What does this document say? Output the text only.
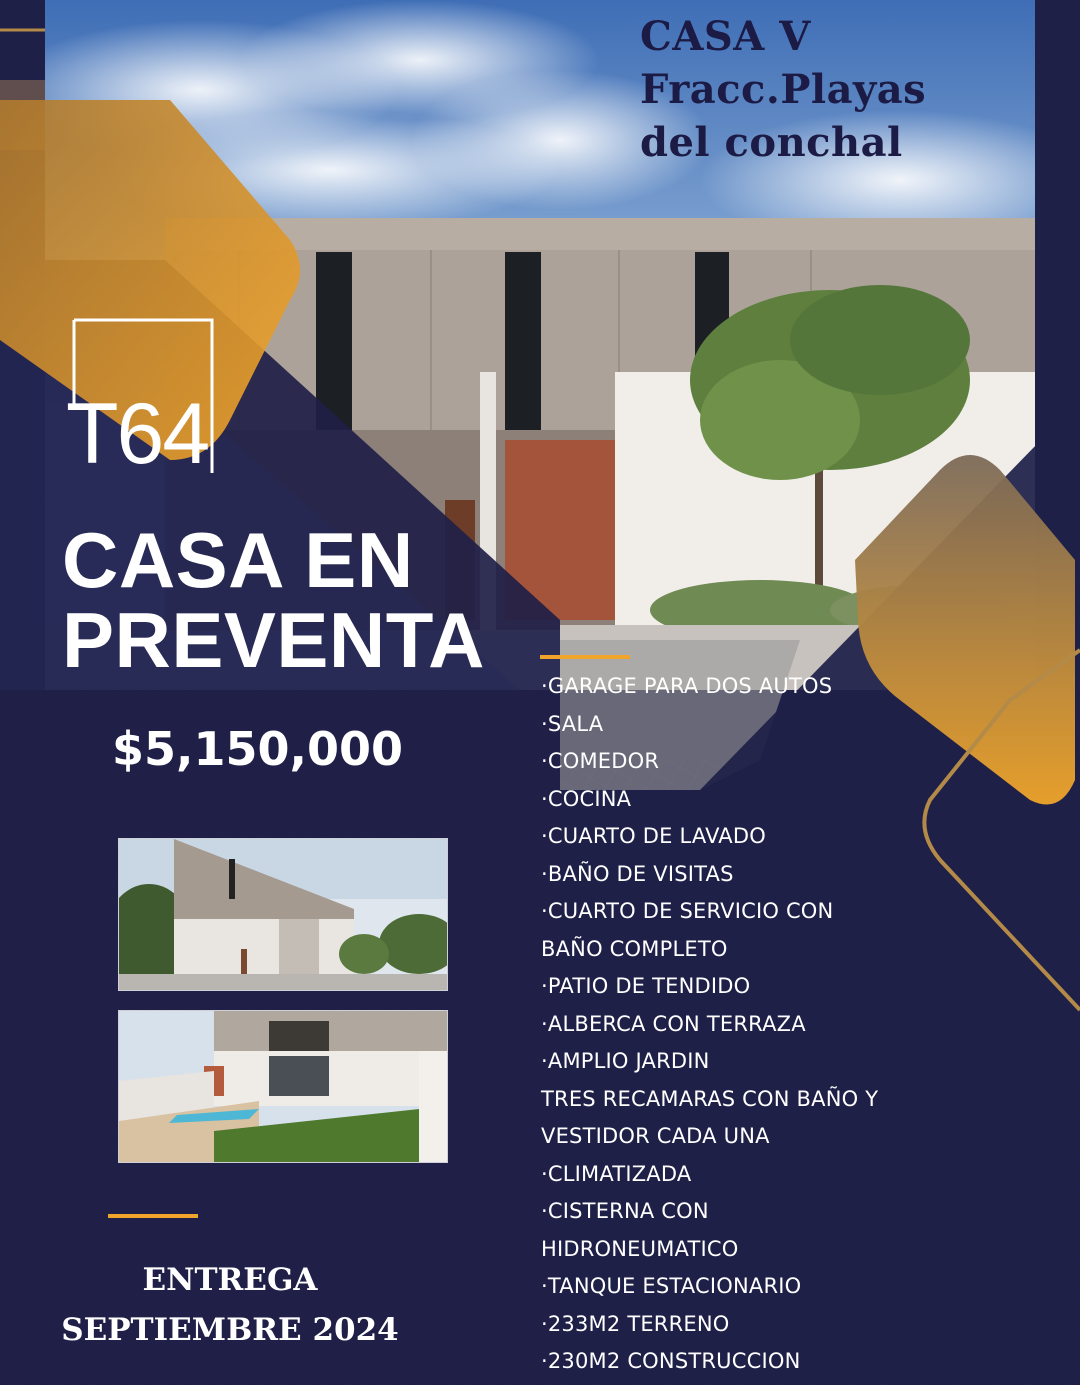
CASA V
Fracc.Playas
del conchal
T64
CASA EN
PREVENTA
$5,150,000
ENTREGA
SEPTIEMBRE 2024
·GARAGE PARA DOS AUTOS
·SALA
·COMEDOR
·COCINA
·CUARTO DE LAVADO
·BAÑO DE VISITAS
·CUARTO DE SERVICIO CON
BAÑO COMPLETO
·PATIO DE TENDIDO
·ALBERCA CON TERRAZA
·AMPLIO JARDIN
TRES RECAMARAS CON BAÑO Y
VESTIDOR CADA UNA
·CLIMATIZADA
·CISTERNA CON
HIDRONEUMATICO
·TANQUE ESTACIONARIO
·233M2 TERRENO
·230M2 CONSTRUCCION
